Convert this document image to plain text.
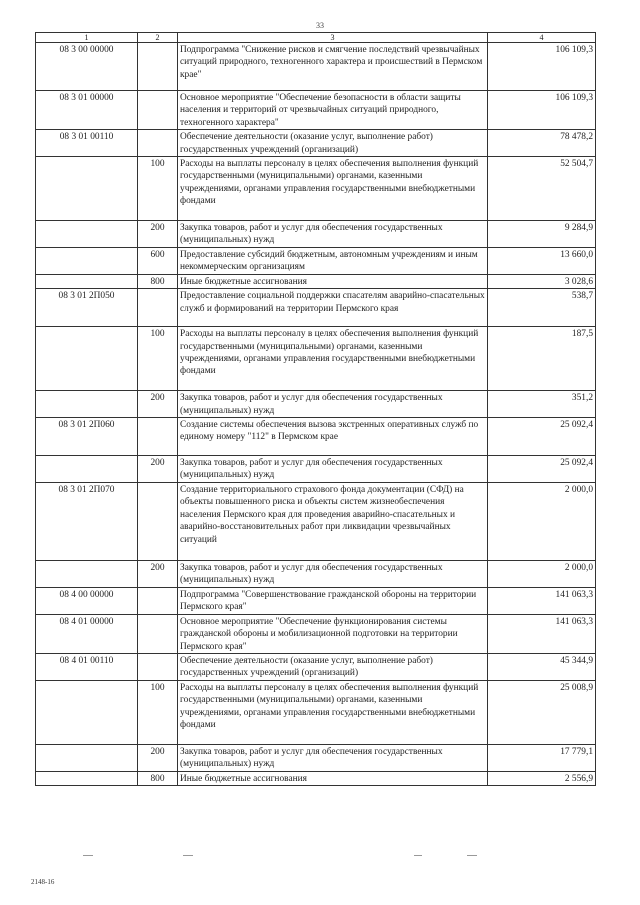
33
1	2	3	4
08 3 00 00000		Подпрограмма "Снижение рисков и смягчение последствий чрезвычайных ситуаций природного, техногенного характера и происшествий в Пермском крае"	106 109,3
08 3 01 00000		Основное мероприятие "Обеспечение безопасности в области защиты населения и территорий от чрезвычайных ситуаций природного, техногенного характера"	106 109,3
08 3 01 00110		Обеспечение деятельности (оказание услуг, выполнение работ) государственных учреждений (организаций)	78 478,2
	100	Расходы на выплаты персоналу в целях обеспечения выполнения функций государственными (муниципальными) органами, казенными учреждениями, органами управления государственными внебюджетными фондами	52 504,7
	200	Закупка товаров, работ и услуг для обеспечения государственных (муниципальных) нужд	9 284,9
	600	Предоставление субсидий бюджетным, автономным учреждениям и иным некоммерческим организациям	13 660,0
	800	Иные бюджетные ассигнования	3 028,6
08 3 01 2П050		Предоставление социальной поддержки спасателям аварийно-спасательных служб и формирований на территории Пермского края	538,7
	100	Расходы на выплаты персоналу в целях обеспечения выполнения функций государственными (муниципальными) органами, казенными учреждениями, органами управления государственными внебюджетными фондами	187,5
	200	Закупка товаров, работ и услуг для обеспечения государственных (муниципальных) нужд	351,2
08 3 01 2П060		Создание системы обеспечения вызова экстренных оперативных служб по единому номеру "112" в Пермском крае	25 092,4
	200	Закупка товаров, работ и услуг для обеспечения государственных (муниципальных) нужд	25 092,4
08 3 01 2П070		Создание территориального страхового фонда документации (СФД) на объекты повышенного риска и объекты систем жизнеобеспечения населения Пермского края для проведения аварийно-спасательных и аварийно-восстановительных работ при ликвидации чрезвычайных ситуаций	2 000,0
	200	Закупка товаров, работ и услуг для обеспечения государственных (муниципальных) нужд	2 000,0
08 4 00 00000		Подпрограмма "Совершенствование гражданской обороны на территории Пермского края"	141 063,3
08 4 01 00000		Основное мероприятие "Обеспечение функционирования системы гражданской обороны и мобилизационной подготовки на территории Пермского края"	141 063,3
08 4 01 00110		Обеспечение деятельности (оказание услуг, выполнение работ) государственных учреждений (организаций)	45 344,9
	100	Расходы на выплаты персоналу в целях обеспечения выполнения функций государственными (муниципальными) органами, казенными учреждениями, органами управления государственными внебюджетными фондами	25 008,9
	200	Закупка товаров, работ и услуг для обеспечения государственных (муниципальных) нужд	17 779,1
	800	Иные бюджетные ассигнования	2 556,9
2148-16
